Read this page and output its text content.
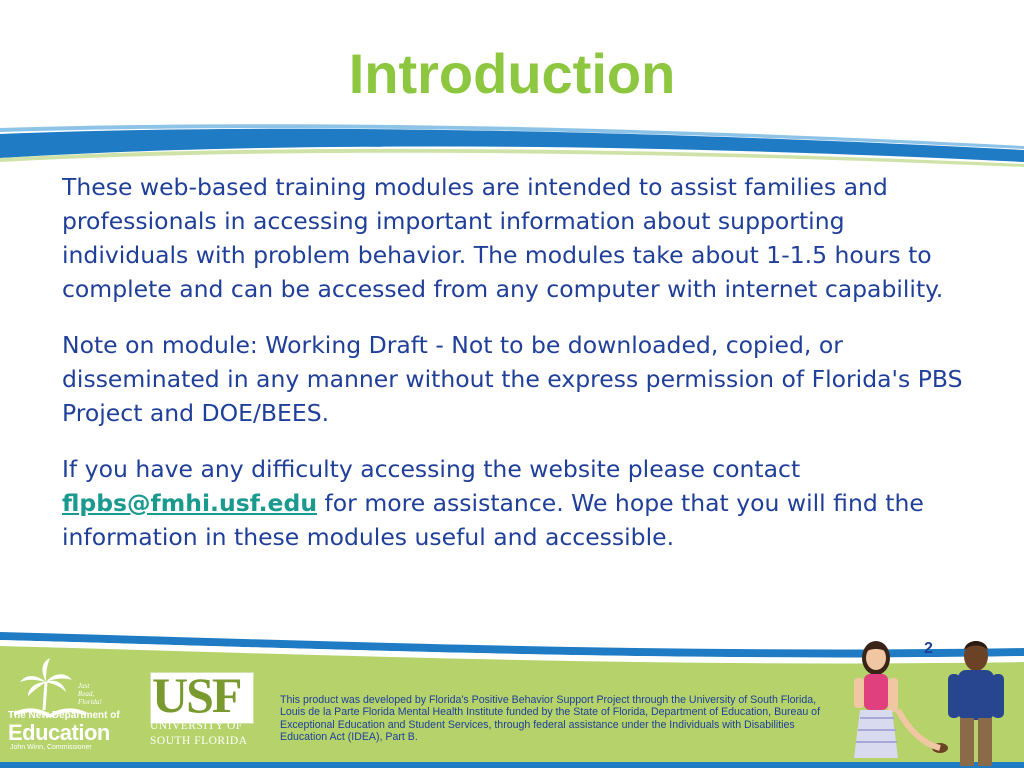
Introduction

These web-based training modules are intended to assist families and professionals in accessing important information about supporting individuals with problem behavior. The modules take about 1-1.5 hours to complete and can be accessed from any computer with internet capability.

Note on module: Working Draft - Not to be downloaded, copied, or disseminated in any manner without the express permission of Florida's PBS Project and DOE/BEES.

If you have any difficulty accessing the website please contact flpbs@fmhi.usf.edu for more assistance. We hope that you will find the information in these modules useful and accessible.

2
Just
Read,
Florida!
The New Department of
Education
John Winn, Commissioner
USF
UNIVERSITY OF
SOUTH FLORIDA
This product was developed by Florida's Positive Behavior Support Project through the University of South Florida, Louis de la Parte Florida Mental Health Institute funded by the State of Florida, Department of Education, Bureau of Exceptional Education and Student Services, through federal assistance under the Individuals with Disabilities Education Act (IDEA), Part B.
